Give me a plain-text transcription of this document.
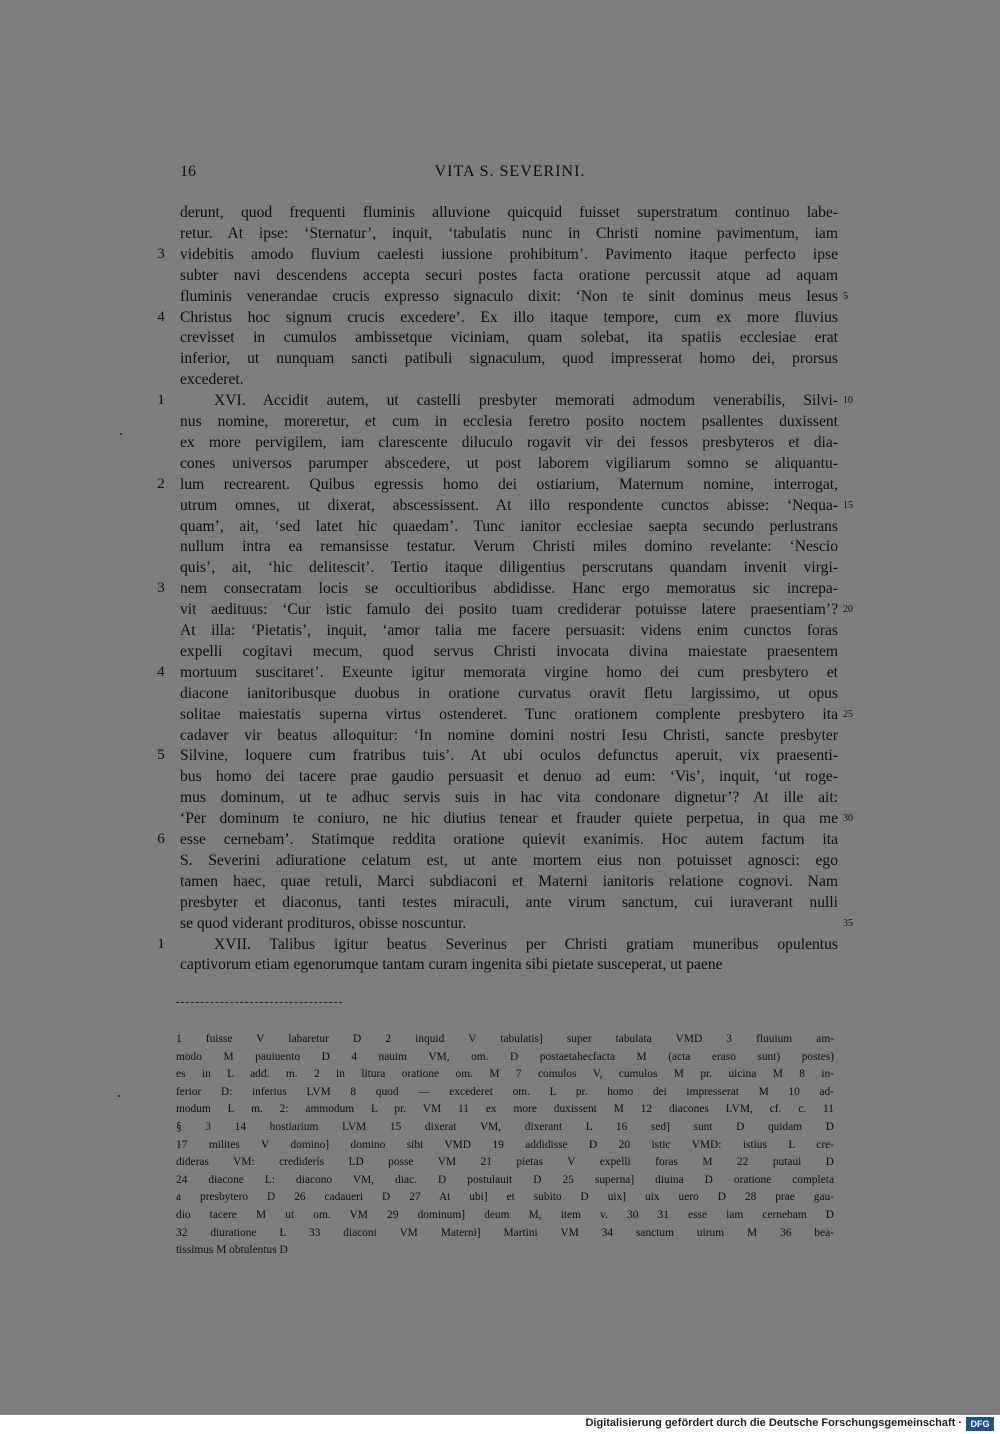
16	VITA S. SEVERINI.
derunt, quod frequenti fluminis alluvione quicquid fuisset superstratum continuo labe-
retur. At ipse: ‘Sternatur’, inquit, ‘tabulatis nunc in Christi nomine pavimentum, iam
videbitis amodo fluvium caelesti iussione prohibitum’. Pavimento itaque perfecto ipse
3
subter navi descendens accepta securi postes facta oratione percussit atque ad aquam
fluminis venerandae crucis expresso signaculo dixit: ‘Non te sinit dominus meus Iesus 5
Christus hoc signum crucis excedere’. Ex illo itaque tempore, cum ex more fluvius
4
crevisset in cumulos ambissetque viciniam, quam solebat, ita spatiis ecclesiae erat
inferior, ut nunquam sancti patibuli signaculum, quod impresserat homo dei, prorsus
excederet.
XVI. Accidit autem, ut castelli presbyter memorati admodum venerabilis, Silvi-
1	10
nus nomine, moreretur, et cum in ecclesia feretro posito noctem psallentes duxissent
ex more pervigilem, iam clarescente diluculo rogavit vir dei fessos presbyteros et dia-
cones universos parumper abscedere, ut post laborem vigiliarum somno se aliquantu-
lum recrearent. Quibus egressis homo dei ostiarium, Maternum nomine, interrogat,
2
utrum omnes, ut dixerat, abscessissent. At illo respondente cunctos abisse: ‘Nequa- 15
quam’, ait, ‘sed latet hic quaedam’. Tunc ianitor ecclesiae saepta secundo perlustrans
nullum intra ea remansisse testatur. Verum Christi miles domino revelante: ‘Nescio
quis’, ait, ‘hic delitescit’. Tertio itaque diligentius perscrutans quandam invenit virgi-
nem consecratam locis se occultioribus abdidisse. Hanc ergo memoratus sic increpa-
3
vit aedituus: ‘Cur istic famulo dei posito tuam crediderar potuisse latere praesentiam’? 20
At illa: ‘Pietatis’, inquit, ‘amor talia me facere persuasit: videns enim cunctos foras
expelli cogitavi mecum, quod servus Christi invocata divina maiestate praesentem
mortuum suscitaret’. Exeunte igitur memorata virgine homo dei cum presbytero et
4
diacone ianitoribusque duobus in oratione curvatus oravit fletu largissimo, ut opus
solitae maiestatis superna virtus ostenderet. Tunc orationem complente presbytero ita 25
cadaver vir beatus alloquitur: ‘In nomine domini nostri Iesu Christi, sancte presbyter
Silvine, loquere cum fratribus tuis’. At ubi oculos defunctus aperuit, vix praesenti-
5
bus homo dei tacere prae gaudio persuasit et denuo ad eum: ‘Vis’, inquit, ‘ut roge-
mus dominum, ut te adhuc servis suis in hac vita condonare dignetur’? At ille ait:
‘Per dominum te coniuro, ne hic diutius tenear et frauder quiete perpetua, in qua me 30
esse cernebam’. Statimque reddita oratione quievit exanimis. Hoc autem factum ita
6
S. Severini adiuratione celatum est, ut ante mortem eius non potuisset agnosci: ego
tamen haec, quae retuli, Marci subdiaconi et Materni ianitoris relatione cognovi. Nam
presbyter et diaconus, tanti testes miraculi, ante virum sanctum, cui iuraverant nulli
se quod viderant prodituros, obisse noscuntur.	35
XVII. Talibus igitur beatus Severinus per Christi gratiam muneribus opulentus
1
captivorum etiam egenorumque tantam curam ingenita sibi pietate susceperat, ut paene
1 fuisse V labaretur D 2 inquid V tabulatis] super tabulata VMD 3 fluuium am-
modo M pauiuento D 4 nauim VM, om. D postaetahecfacta M (acta eraso sunt) postes)
es in L add. m. 2 in litura oratione om. M 7 comulos V, cumulos M pr. uicina M 8 in-
ferior D: inferius LVM 8 quod — excederet om. L pr. homo dei impresserat M 10 ad-
modum L m. 2: ammodum L pr. VM 11 ex more duxissent M 12 diacones LVM, cf. c. 11
§ 3 14 hostiarium LVM 15 dixerat VM, dixerant L 16 sed] sunt D quidam D
17 milites V domino] domino sibi VMD 19 addidisse D 20 istic VMD: istius L cre-
dideras VM: crediderís LD posse VM 21 pietas V expelli foras M 22 putaui D
24 diacone L: diacono VM, diac. D postulauit D 25 superna] diuina D oratione completa
a presbytero D 26 cadaueri D 27 At ubi] et subito D uix] uix uero D 28 prae gau-
dio tacere M ut om. VM 29 dominum] deum M, item v. 30 31 esse iam cernebam D
32 diuratione L 33 diaconi VM Materni] Martini VM 34 sanctum uirum M 36 bea-
tissimus M obtulentus D
Digitalisierung gefördert durch die Deutsche Forschungsgemeinschaft · DFG
